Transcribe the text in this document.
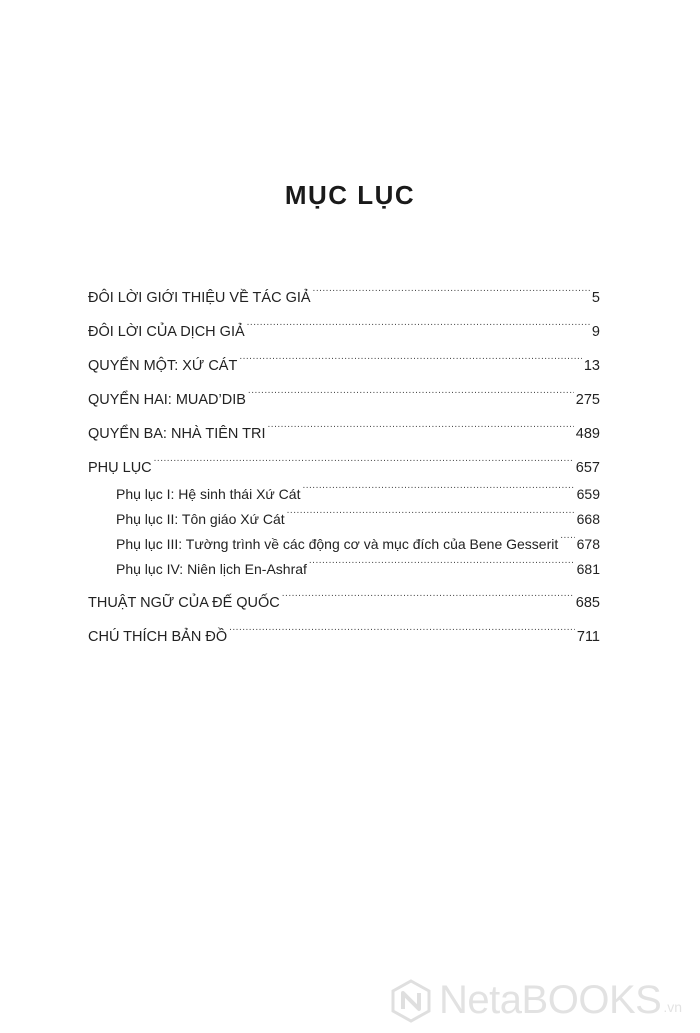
MỤC LỤC
ĐÔI LỜI GIỚI THIỆU VỀ TÁC GIẢ .....	5
ĐÔI LỜI CỦA DỊCH GIẢ .....	9
QUYỂN MỘT: XỨ CÁT .....	13
QUYỂN HAI: MUAD’DIB .....	275
QUYỂN BA: NHÀ TIÊN TRI .....	489
PHỤ LỤC .....	657
Phụ lục I: Hệ sinh thái Xứ Cát .....	659
Phụ lục II: Tôn giáo Xứ Cát .....	668
Phụ lục III: Tường trình về các động cơ và mục đích của Bene Gesserit ..... 678
Phụ lục IV: Niên lịch En-Ashraf .....	681
THUẬT NGỮ CỦA ĐẾ QUỐC .....	685
CHÚ THÍCH BẢN ĐỒ .....	711
NetaBOOKS .vn
